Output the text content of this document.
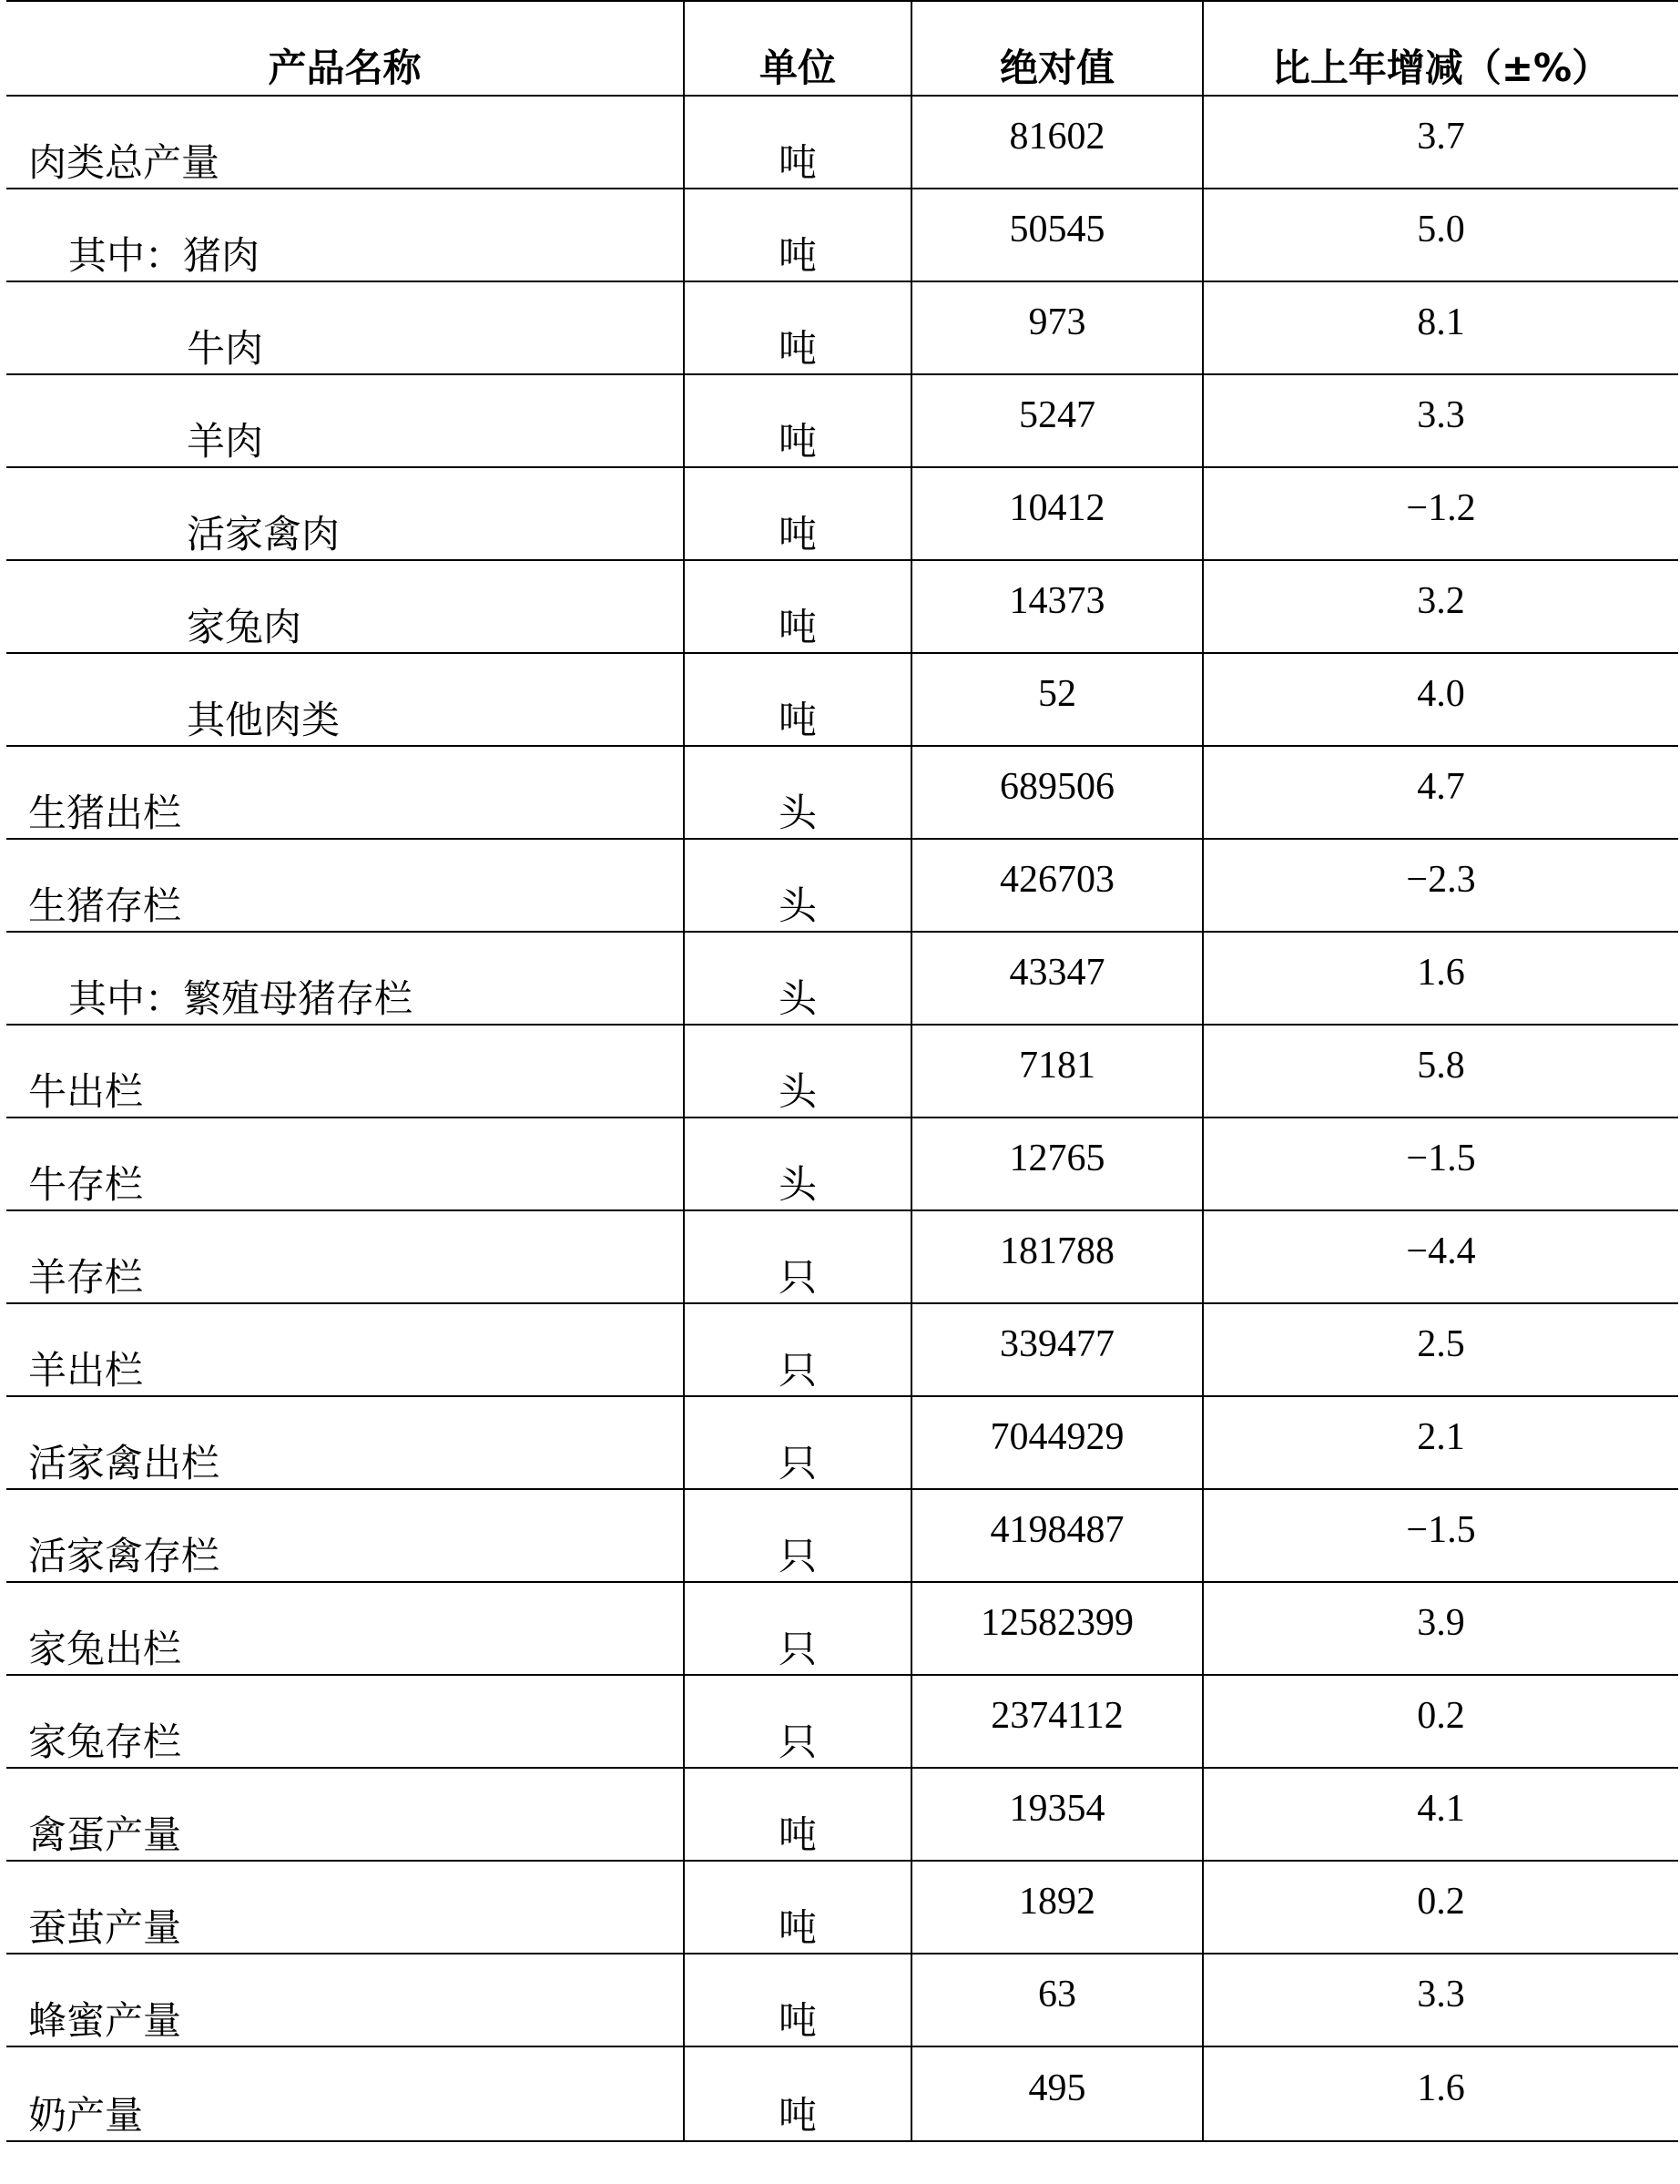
产品名称	单位	绝对值	比上年增减（±%）
肉类总产量	吨	81602	3.7
其中：猪肉	吨	50545	5.0
牛肉	吨	973	8.1
羊肉	吨	5247	3.3
活家禽肉	吨	10412	−1.2
家兔肉	吨	14373	3.2
其他肉类	吨	52	4.0
生猪出栏	头	689506	4.7
生猪存栏	头	426703	−2.3
其中：繁殖母猪存栏	头	43347	1.6
牛出栏	头	7181	5.8
牛存栏	头	12765	−1.5
羊存栏	只	181788	−4.4
羊出栏	只	339477	2.5
活家禽出栏	只	7044929	2.1
活家禽存栏	只	4198487	−1.5
家兔出栏	只	12582399	3.9
家兔存栏	只	2374112	0.2
禽蛋产量	吨	19354	4.1
蚕茧产量	吨	1892	0.2
蜂蜜产量	吨	63	3.3
奶产量	吨	495	1.6
